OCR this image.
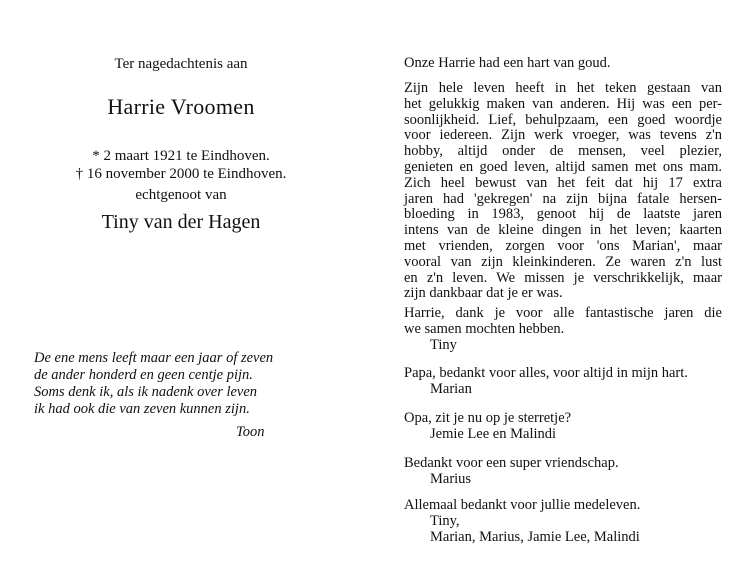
Ter nagedachtenis aan
Harrie Vroomen
* 2 maart 1921 te Eindhoven.
† 16 november 2000 te Eindhoven.
echtgenoot van
Tiny van der Hagen
De ene mens leeft maar een jaar of zeven
de ander honderd en geen centje pijn.
Soms denk ik, als ik nadenk over leven
ik had ook die van zeven kunnen zijn.
Toon
Onze Harrie had een hart van goud.
Zijn hele leven heeft in het teken gestaan van
het gelukkig maken van anderen. Hij was een per-
soonlijkheid. Lief, behulpzaam, een goed woordje
voor iedereen. Zijn werk vroeger, was tevens z'n
hobby, altijd onder de mensen, veel plezier,
genieten en goed leven, altijd samen met ons mam.
Zich heel bewust van het feit dat hij 17 extra
jaren had 'gekregen' na zijn bijna fatale hersen-
bloeding in 1983, genoot hij de laatste jaren
intens van de kleine dingen in het leven; kaarten
met vrienden, zorgen voor 'ons Marian', maar
vooral van zijn kleinkinderen. Ze waren z'n lust
en z'n leven. We missen je verschrikkelijk, maar
zijn dankbaar dat je er was.
Harrie, dank je voor alle fantastische jaren die
we samen mochten hebben.
Tiny
Papa, bedankt voor alles, voor altijd in mijn hart.
Marian
Opa, zit je nu op je sterretje?
Jemie Lee en Malindi
Bedankt voor een super vriendschap.
Marius
Allemaal bedankt voor jullie medeleven.
Tiny,
Marian, Marius, Jamie Lee, Malindi
